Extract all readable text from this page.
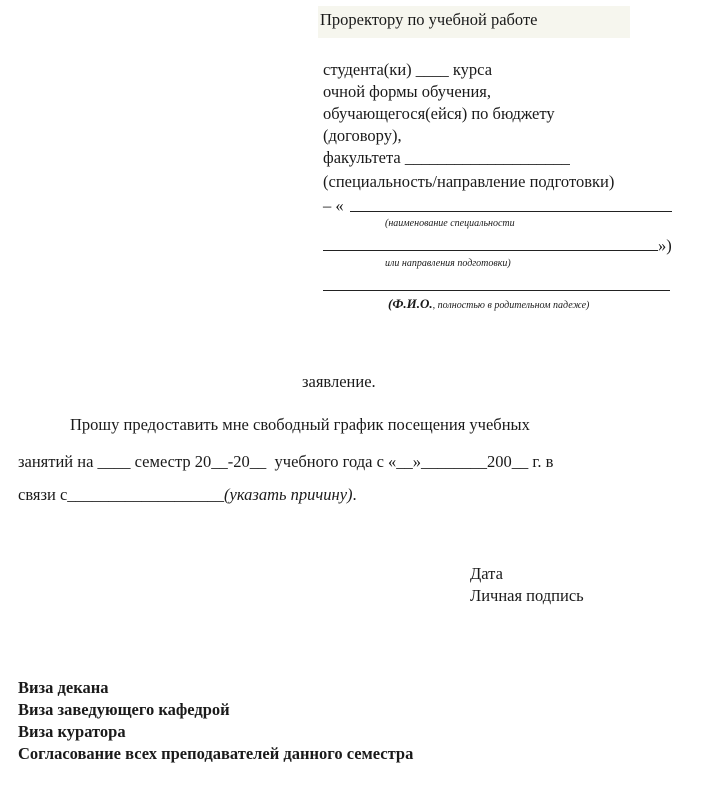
Проректору по учебной работе
студента(ки) ____ курса
очной формы обучения,
обучающегося(ейся) по бюджету
(договору),
факультета ____________________
(специальность/направление подготовки)
– «
(наименование специальности
»)
или направления подготовки)
(Ф.И.О., полностью в родительном падеже)
заявление.
Прошу предоставить мне свободный график посещения учебных
занятий на ____ семестр 20__-20__  учебного года с «__»________200__ г. в
связи с___________________(указать причину).
Дата
Личная подпись
Виза декана
Виза заведующего кафедрой
Виза куратора
Согласование всех преподавателей данного семестра
